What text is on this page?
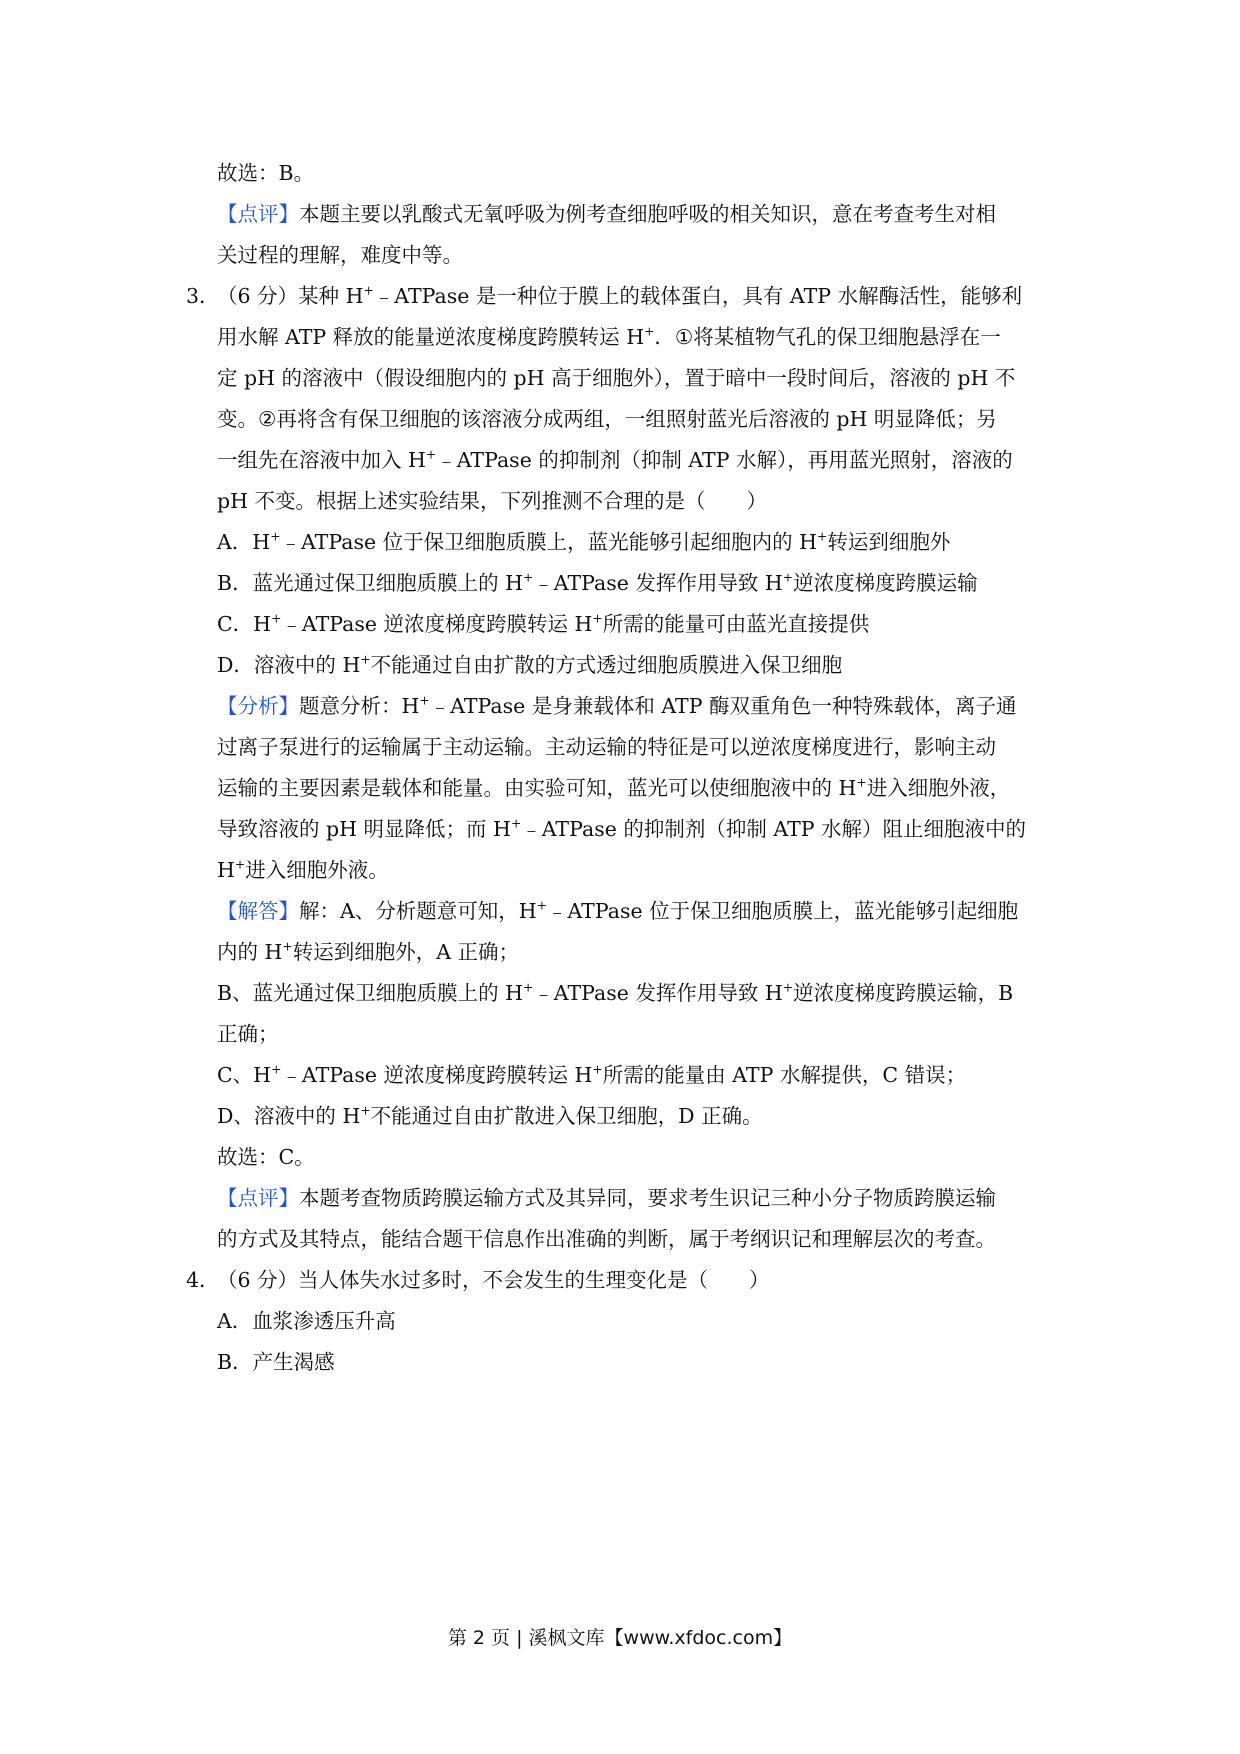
故选：B。
【点评】本题主要以乳酸式无氧呼吸为例考查细胞呼吸的相关知识，意在考查考生对相
关过程的理解，难度中等。
3．
（6 分）某种 H+﹣ATPase 是一种位于膜上的载体蛋白，具有 ATP 水解酶活性，能够利
用水解 ATP 释放的能量逆浓度梯度跨膜转运 H+．①将某植物气孔的保卫细胞悬浮在一
定 pH 的溶液中（假设细胞内的 pH 高于细胞外），置于暗中一段时间后，溶液的 pH 不
变。②再将含有保卫细胞的该溶液分成两组，一组照射蓝光后溶液的 pH 明显降低；另
一组先在溶液中加入 H+﹣ATPase 的抑制剂（抑制 ATP 水解），再用蓝光照射，溶液的
pH 不变。根据上述实验结果，下列推测不合理的是（　　）
A．H+﹣ATPase 位于保卫细胞质膜上，蓝光能够引起细胞内的 H+转运到细胞外
B．蓝光通过保卫细胞质膜上的 H+﹣ATPase 发挥作用导致 H+逆浓度梯度跨膜运输
C．H+﹣ATPase 逆浓度梯度跨膜转运 H+所需的能量可由蓝光直接提供
D．溶液中的 H+不能通过自由扩散的方式透过细胞质膜进入保卫细胞
【分析】题意分析：H+﹣ATPase 是身兼载体和 ATP 酶双重角色一种特殊载体，离子通
过离子泵进行的运输属于主动运输。主动运输的特征是可以逆浓度梯度进行，影响主动
运输的主要因素是载体和能量。由实验可知，蓝光可以使细胞液中的 H+进入细胞外液，
导致溶液的 pH 明显降低；而 H+﹣ATPase 的抑制剂（抑制 ATP 水解）阻止细胞液中的
H+进入细胞外液。
【解答】解：A、分析题意可知，H+﹣ATPase 位于保卫细胞质膜上，蓝光能够引起细胞
内的 H+转运到细胞外，A 正确；
B、蓝光通过保卫细胞质膜上的 H+﹣ATPase 发挥作用导致 H+逆浓度梯度跨膜运输，B
正确；
C、H+﹣ATPase 逆浓度梯度跨膜转运 H+所需的能量由 ATP 水解提供，C 错误；
D、溶液中的 H+不能通过自由扩散进入保卫细胞，D 正确。
故选：C。
【点评】本题考查物质跨膜运输方式及其异同，要求考生识记三种小分子物质跨膜运输
的方式及其特点，能结合题干信息作出准确的判断，属于考纲识记和理解层次的考查。
4．
（6 分）当人体失水过多时，不会发生的生理变化是（　　）
A．血浆渗透压升高
B．产生渴感
第 2 页 | 溪枫文库【www.xfdoc.com】
